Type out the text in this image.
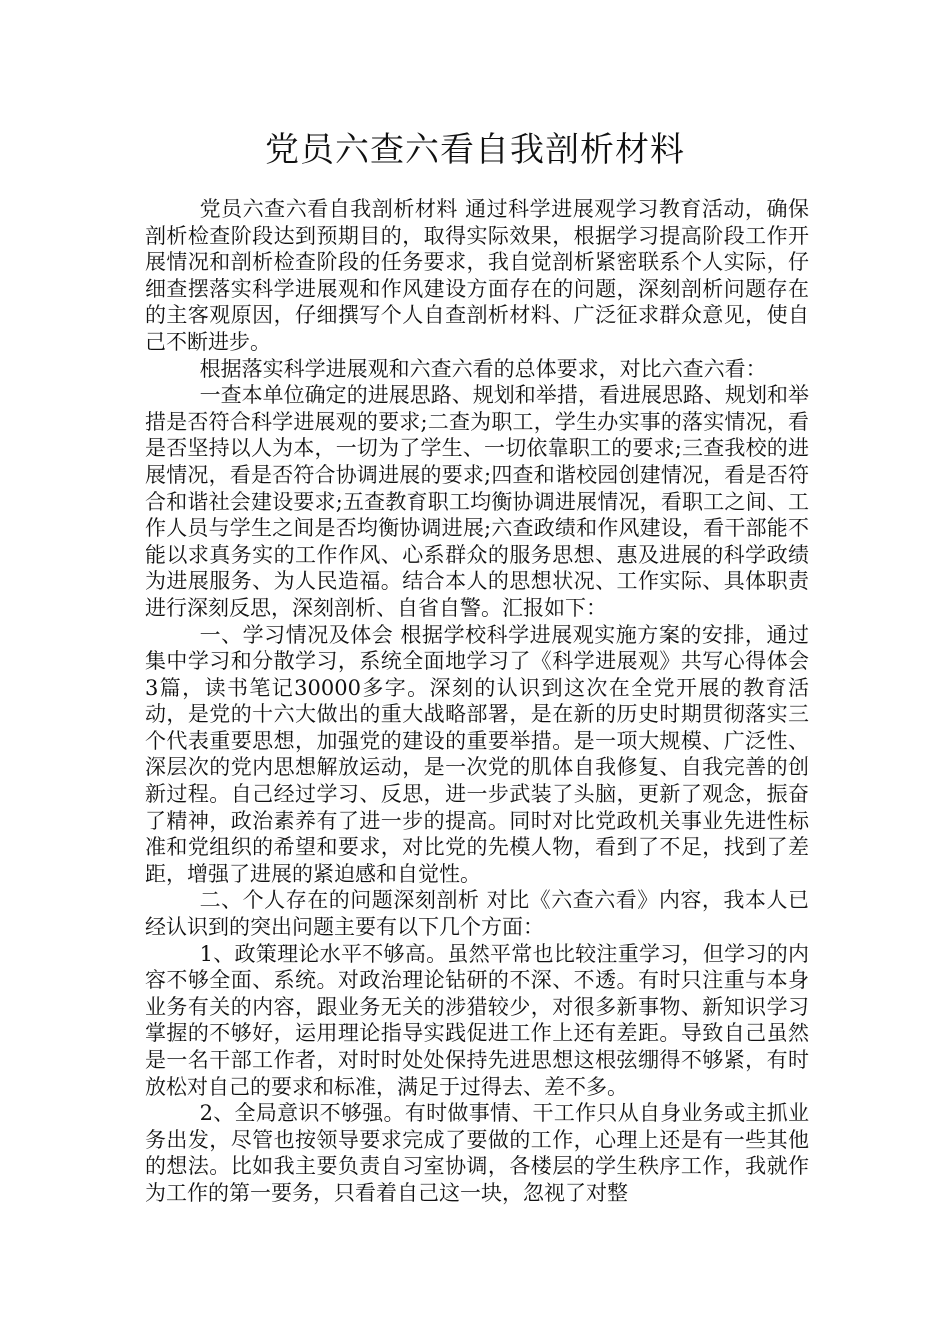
党员六查六看自我剖析材料

党员六查六看自我剖析材料 通过科学进展观学习教育活动，确保剖析检查阶段达到预期目的，取得实际效果，根据学习提高阶段工作开展情况和剖析检查阶段的任务要求，我自觉剖析紧密联系个人实际，仔细查摆落实科学进展观和作风建设方面存在的问题，深刻剖析问题存在的主客观原因，仔细撰写个人自查剖析材料、广泛征求群众意见，使自己不断进步。

根据落实科学进展观和六查六看的总体要求，对比六查六看：

一查本单位确定的进展思路、规划和举措，看进展思路、规划和举措是否符合科学进展观的要求;二查为职工，学生办实事的落实情况，看是否坚持以人为本，一切为了学生、一切依靠职工的要求;三查我校的进展情况，看是否符合协调进展的要求;四查和谐校园创建情况，看是否符合和谐社会建设要求;五查教育职工均衡协调进展情况，看职工之间、工作人员与学生之间是否均衡协调进展;六查政绩和作风建设，看干部能不能以求真务实的工作作风、心系群众的服务思想、惠及进展的科学政绩为进展服务、为人民造福。结合本人的思想状况、工作实际、具体职责进行深刻反思，深刻剖析、自省自警。汇报如下：

一、学习情况及体会 根据学校科学进展观实施方案的安排，通过集中学习和分散学习，系统全面地学习了《科学进展观》共写心得体会3篇，读书笔记30000多字。深刻的认识到这次在全党开展的教育活动，是党的十六大做出的重大战略部署，是在新的历史时期贯彻落实三个代表重要思想，加强党的建设的重要举措。是一项大规模、广泛性、深层次的党内思想解放运动，是一次党的肌体自我修复、自我完善的创新过程。自己经过学习、反思，进一步武装了头脑，更新了观念，振奋了精神，政治素养有了进一步的提高。同时对比党政机关事业先进性标准和党组织的希望和要求，对比党的先模人物，看到了不足，找到了差距，增强了进展的紧迫感和自觉性。

二、个人存在的问题深刻剖析 对比《六查六看》内容，我本人已经认识到的突出问题主要有以下几个方面：

1、政策理论水平不够高。虽然平常也比较注重学习，但学习的内容不够全面、系统。对政治理论钻研的不深、不透。有时只注重与本身业务有关的内容，跟业务无关的涉猎较少，对很多新事物、新知识学习掌握的不够好，运用理论指导实践促进工作上还有差距。导致自己虽然是一名干部工作者，对时时处处保持先进思想这根弦绷得不够紧，有时放松对自己的要求和标准，满足于过得去、差不多。

2、全局意识不够强。有时做事情、干工作只从自身业务或主抓业务出发，尽管也按领导要求完成了要做的工作，心理上还是有一些其他的想法。比如我主要负责自习室协调，各楼层的学生秩序工作，我就作为工作的第一要务，只看着自己这一块，忽视了对整
